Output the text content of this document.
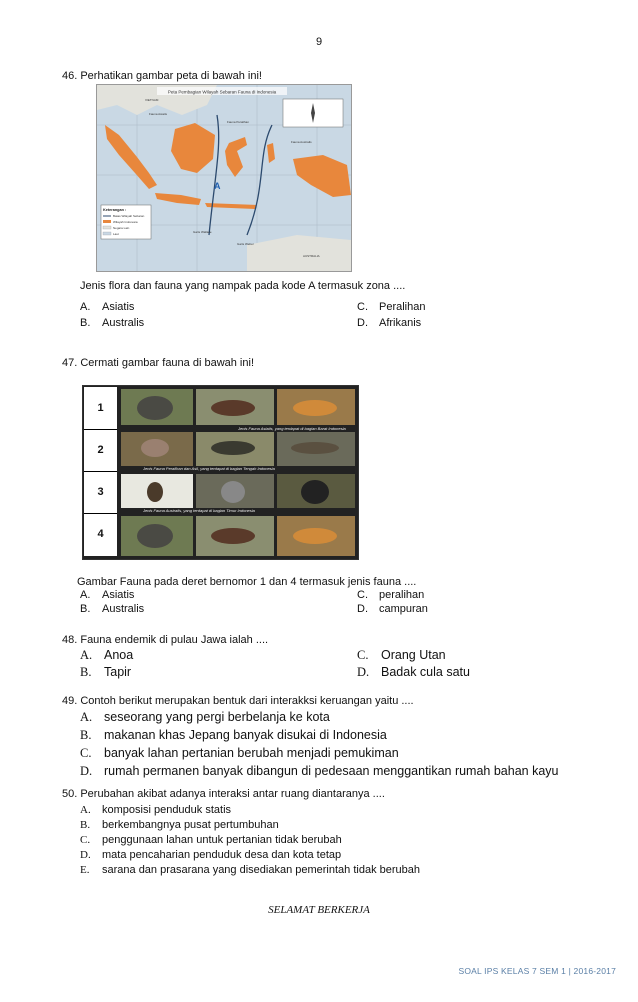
9
46. Perhatikan gambar peta di bawah ini!
Peta Pembagian Wilayah Sebaran Fauna di Indonesia
Keterangan :
Batas Wilayah Sebaran
Wilayah Indonesia
Negara Lain
Laut
VIETNAM
Fauna Asiatis
Fauna Peralihan
Fauna Australis
AUSTRALIA
Garis Wallace
Garis Weber
A
Jenis flora dan fauna yang nampak pada kode A termasuk zona ....
A. Asiatis
B. Australis
C. Peralihan
D. Afrikanis
47. Cermati gambar fauna di bawah ini!
Jenis Fauna Asiatis, yang terdapat di bagian Barat Indonesia
Jenis Fauna Peralihan dan Asli, yang terdapat di bagian Tengah Indonesia
Jenis Fauna Australis, yang terdapat di bagian Timur Indonesia
1
2
3
4
Gambar Fauna pada deret bernomor 1 dan 4 termasuk jenis fauna ....
A. Asiatis
B. Australis
C. peralihan
D. campuran
48. Fauna endemik di pulau Jawa ialah ....
A. Anoa
B. Tapir
C. Orang Utan
D. Badak cula satu
49. Contoh berikut merupakan bentuk dari interakksi keruangan yaitu ....
A. seseorang yang pergi berbelanja ke kota
B. makanan khas Jepang banyak disukai di Indonesia
C. banyak lahan pertanian berubah menjadi pemukiman
D. rumah permanen banyak dibangun di pedesaan menggantikan rumah bahan kayu
50. Perubahan akibat adanya interaksi antar ruang diantaranya ....
A. komposisi penduduk statis
B. berkembangnya pusat pertumbuhan
C. penggunaan lahan untuk pertanian tidak berubah
D. mata pencaharian penduduk desa dan kota tetap
E. sarana dan prasarana yang disediakan pemerintah tidak berubah
SELAMAT BERKERJA
SOAL IPS KELAS 7 SEM 1 | 2016-2017
